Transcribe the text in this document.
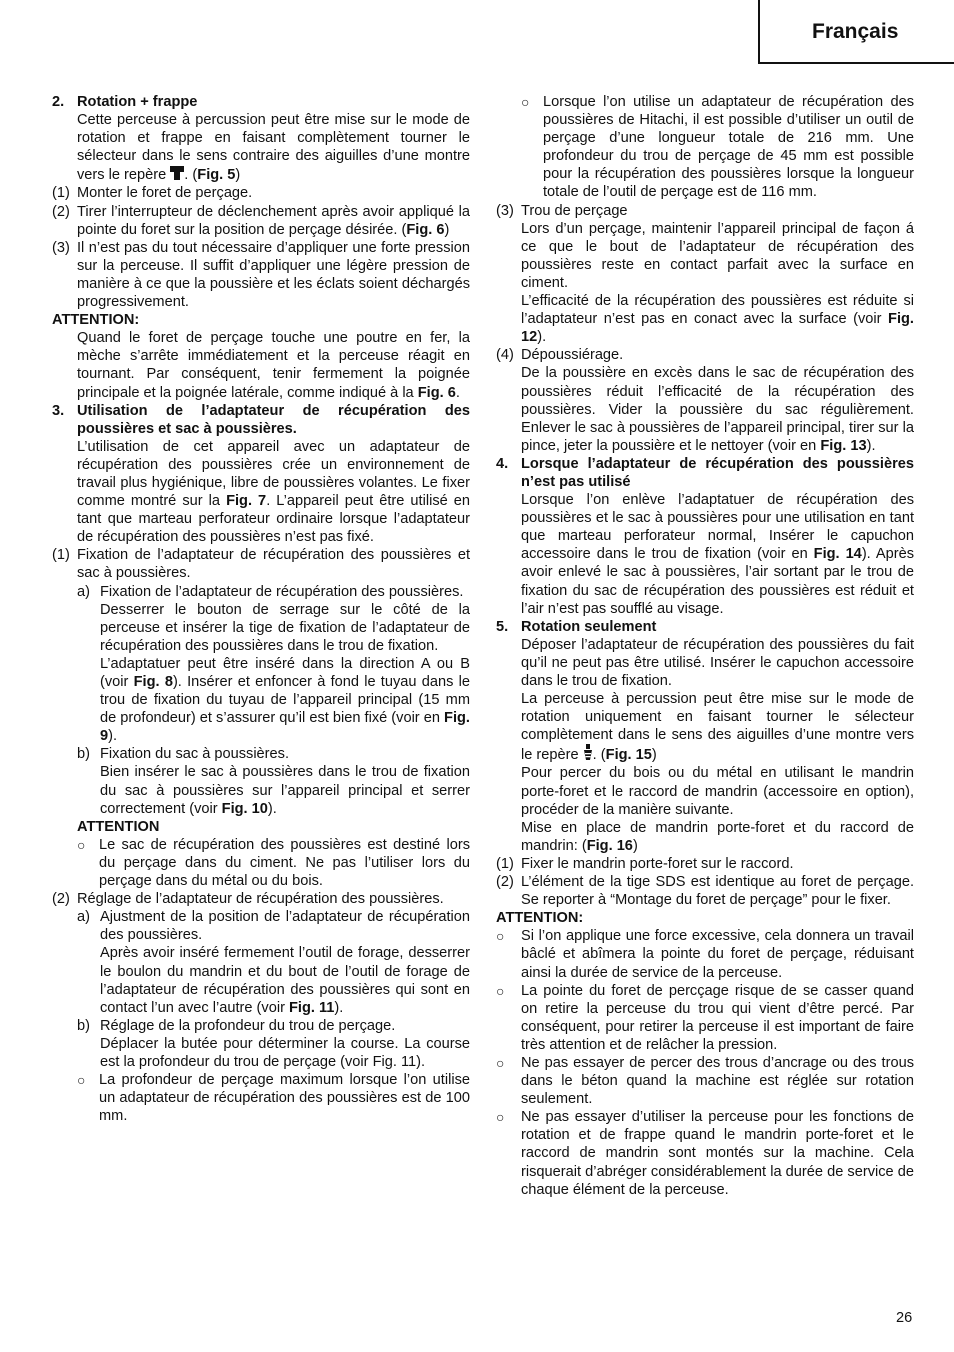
Français
2. Rotation + frappe
Cette perceuse à percussion peut être mise sur le mode de rotation et frappe en faisant complètement tourner le sélecteur dans le sens contraire des aiguilles d’une montre vers le repère . (Fig. 5)
(1) Monter le foret de perçage.
(2) Tirer l’interrupteur de déclenchement après avoir appliqué la pointe du foret sur la position de perçage désirée. (Fig. 6)
(3) Il n’est pas du tout nécessaire d’appliquer une forte pression sur la perceuse. Il suffit d’appliquer une légère pression de manière à ce que la poussière et les éclats soient déchargés progressivement.
ATTENTION:
Quand le foret de perçage touche une poutre en fer, la mèche s’arrête immédiatement et la perceuse réagit en tournant. Par conséquent, tenir fermement la poignée principale et la poignée latérale, comme indiqué à la Fig. 6.
3. Utilisation de l’adaptateur de récupération des poussières et sac à poussières.
L’utilisation de cet appareil avec un adaptateur de récupération des poussières crée un environnement de travail plus hygiénique, libre de poussières volantes. Le fixer comme montré sur la Fig. 7. L’appareil peut être utilisé en tant que marteau perforateur ordinaire lorsque l’adaptateur de récupération des poussières n’est pas fixé.
(1) Fixation de l’adaptateur de récupération des poussières et sac à poussières.
a) Fixation de l’adaptateur de récupération des poussières.
Desserrer le bouton de serrage sur le côté de la perceuse et insérer la tige de fixation de l’adaptateur de récupération des poussières dans le trou de fixation.
L’adaptatuer peut être inséré dans la direction A ou B (voir Fig. 8). Insérer et enfoncer à fond le tuyau dans le trou de fixation du tuyau de l’appareil principal (15 mm de profondeur) et s’assurer qu’il est bien fixé (voir en Fig. 9).
b) Fixation du sac à poussières.
Bien insérer le sac à poussières dans le trou de fixation du sac à poussières sur l’appareil principal et serrer correctement (voir Fig. 10).
ATTENTION
○ Le sac de récupération des poussières est destiné lors du perçage dans du ciment. Ne pas l’utiliser lors du perçage dans du métal ou du bois.
(2) Réglage de l’adaptateur de récupération des poussières.
a) Ajustment de la position de l’adaptateur de récupération des poussières.
Après avoir inséré fermement l’outil de forage, desserrer le boulon du mandrin et du bout de l’outil de forage de l’adaptateur de récupération des poussières qui sont en contact l’un avec l’autre (voir Fig. 11).
b) Réglage de la profondeur du trou de perçage.
Déplacer la butée pour déterminer la course. La course est la profondeur du trou de perçage (voir Fig. 11).
○ La profondeur de perçage maximum lorsque l’on utilise un adaptateur de récupération des poussières est de 100 mm.
○ Lorsque l’on utilise un adaptateur de récupération des poussières de Hitachi, il est possible d’utiliser un outil de perçage d’une longueur totale de 216 mm. Une profondeur du trou de perçage de 45 mm est possible pour la récupération des poussières lorsque la longueur totale de l’outil de perçage est de 116 mm.
(3) Trou de perçage
Lors d’un perçage, maintenir l’appareil principal de façon á ce que le bout de l’adaptateur de récupération des poussières reste en contact parfait avec la surface en ciment.
L’efficacité de la récupération des poussières est réduite si l’adaptateur n’est pas en conact avec la surface (voir Fig. 12).
(4) Dépoussiérage.
De la poussière en excès dans le sac de récupération des poussières réduit l’efficacité de la récupération des poussières. Vider la poussière du sac régulièrement. Enlever le sac à poussières de l’appareil principal, tirer sur la pince, jeter la poussière et le nettoyer (voir en Fig. 13).
4. Lorsque l’adaptateur de récupération des poussières n’est pas utilisé
Lorsque l’on enlève l’adaptatuer de récupération des poussières et le sac à poussières pour une utilisation en tant que marteau perforateur normal, Insérer le capuchon accessoire dans le trou de fixation (voir en Fig. 14). Après avoir enlevé le sac à poussières, l’air sortant par le trou de fixation du sac de récupération des poussières est réduit et l’air n’est pas soufflé au visage.
5. Rotation seulement
Déposer l’adaptateur de récupération des poussières du fait qu’il ne peut pas être utilisé. Insérer le capuchon accessoire dans le trou de fixation.
La perceuse à percussion peut être mise sur le mode de rotation uniquement en faisant tourner le sélecteur complètement dans le sens des aiguilles d’une montre vers le repère . (Fig. 15)
Pour percer du bois ou du métal en utilisant le mandrin porte-foret et le raccord de mandrin (accessoire en option), procéder de la manière suivante.
Mise en place de mandrin porte-foret et du raccord de mandrin: (Fig. 16)
(1) Fixer le mandrin porte-foret sur le raccord.
(2) L’élément de la tige SDS est identique au foret de perçage. Se reporter à “Montage du foret de perçage” pour le fixer.
ATTENTION:
○	Si l’on applique une force excessive, cela donnera un travail bâclé et abîmera la pointe du foret de perçage, réduisant ainsi la durée de service de la perceuse.
○	La pointe du foret de percçage risque de se casser quand on retire la perceuse du trou qui vient d’être percé. Par conséquent, pour retirer la perceuse il est important de faire très attention et de relâcher la pression.
○	Ne pas essayer de percer des trous d’ancrage ou des trous dans le béton quand la machine est réglée sur rotation seulement.
○	Ne pas essayer d’utiliser la perceuse pour les fonctions de rotation et de frappe quand le mandrin porte-foret et le raccord de mandrin sont montés sur la machine. Cela risquerait d’abréger considérablement la durée de service de chaque élément de la perceuse.
26
